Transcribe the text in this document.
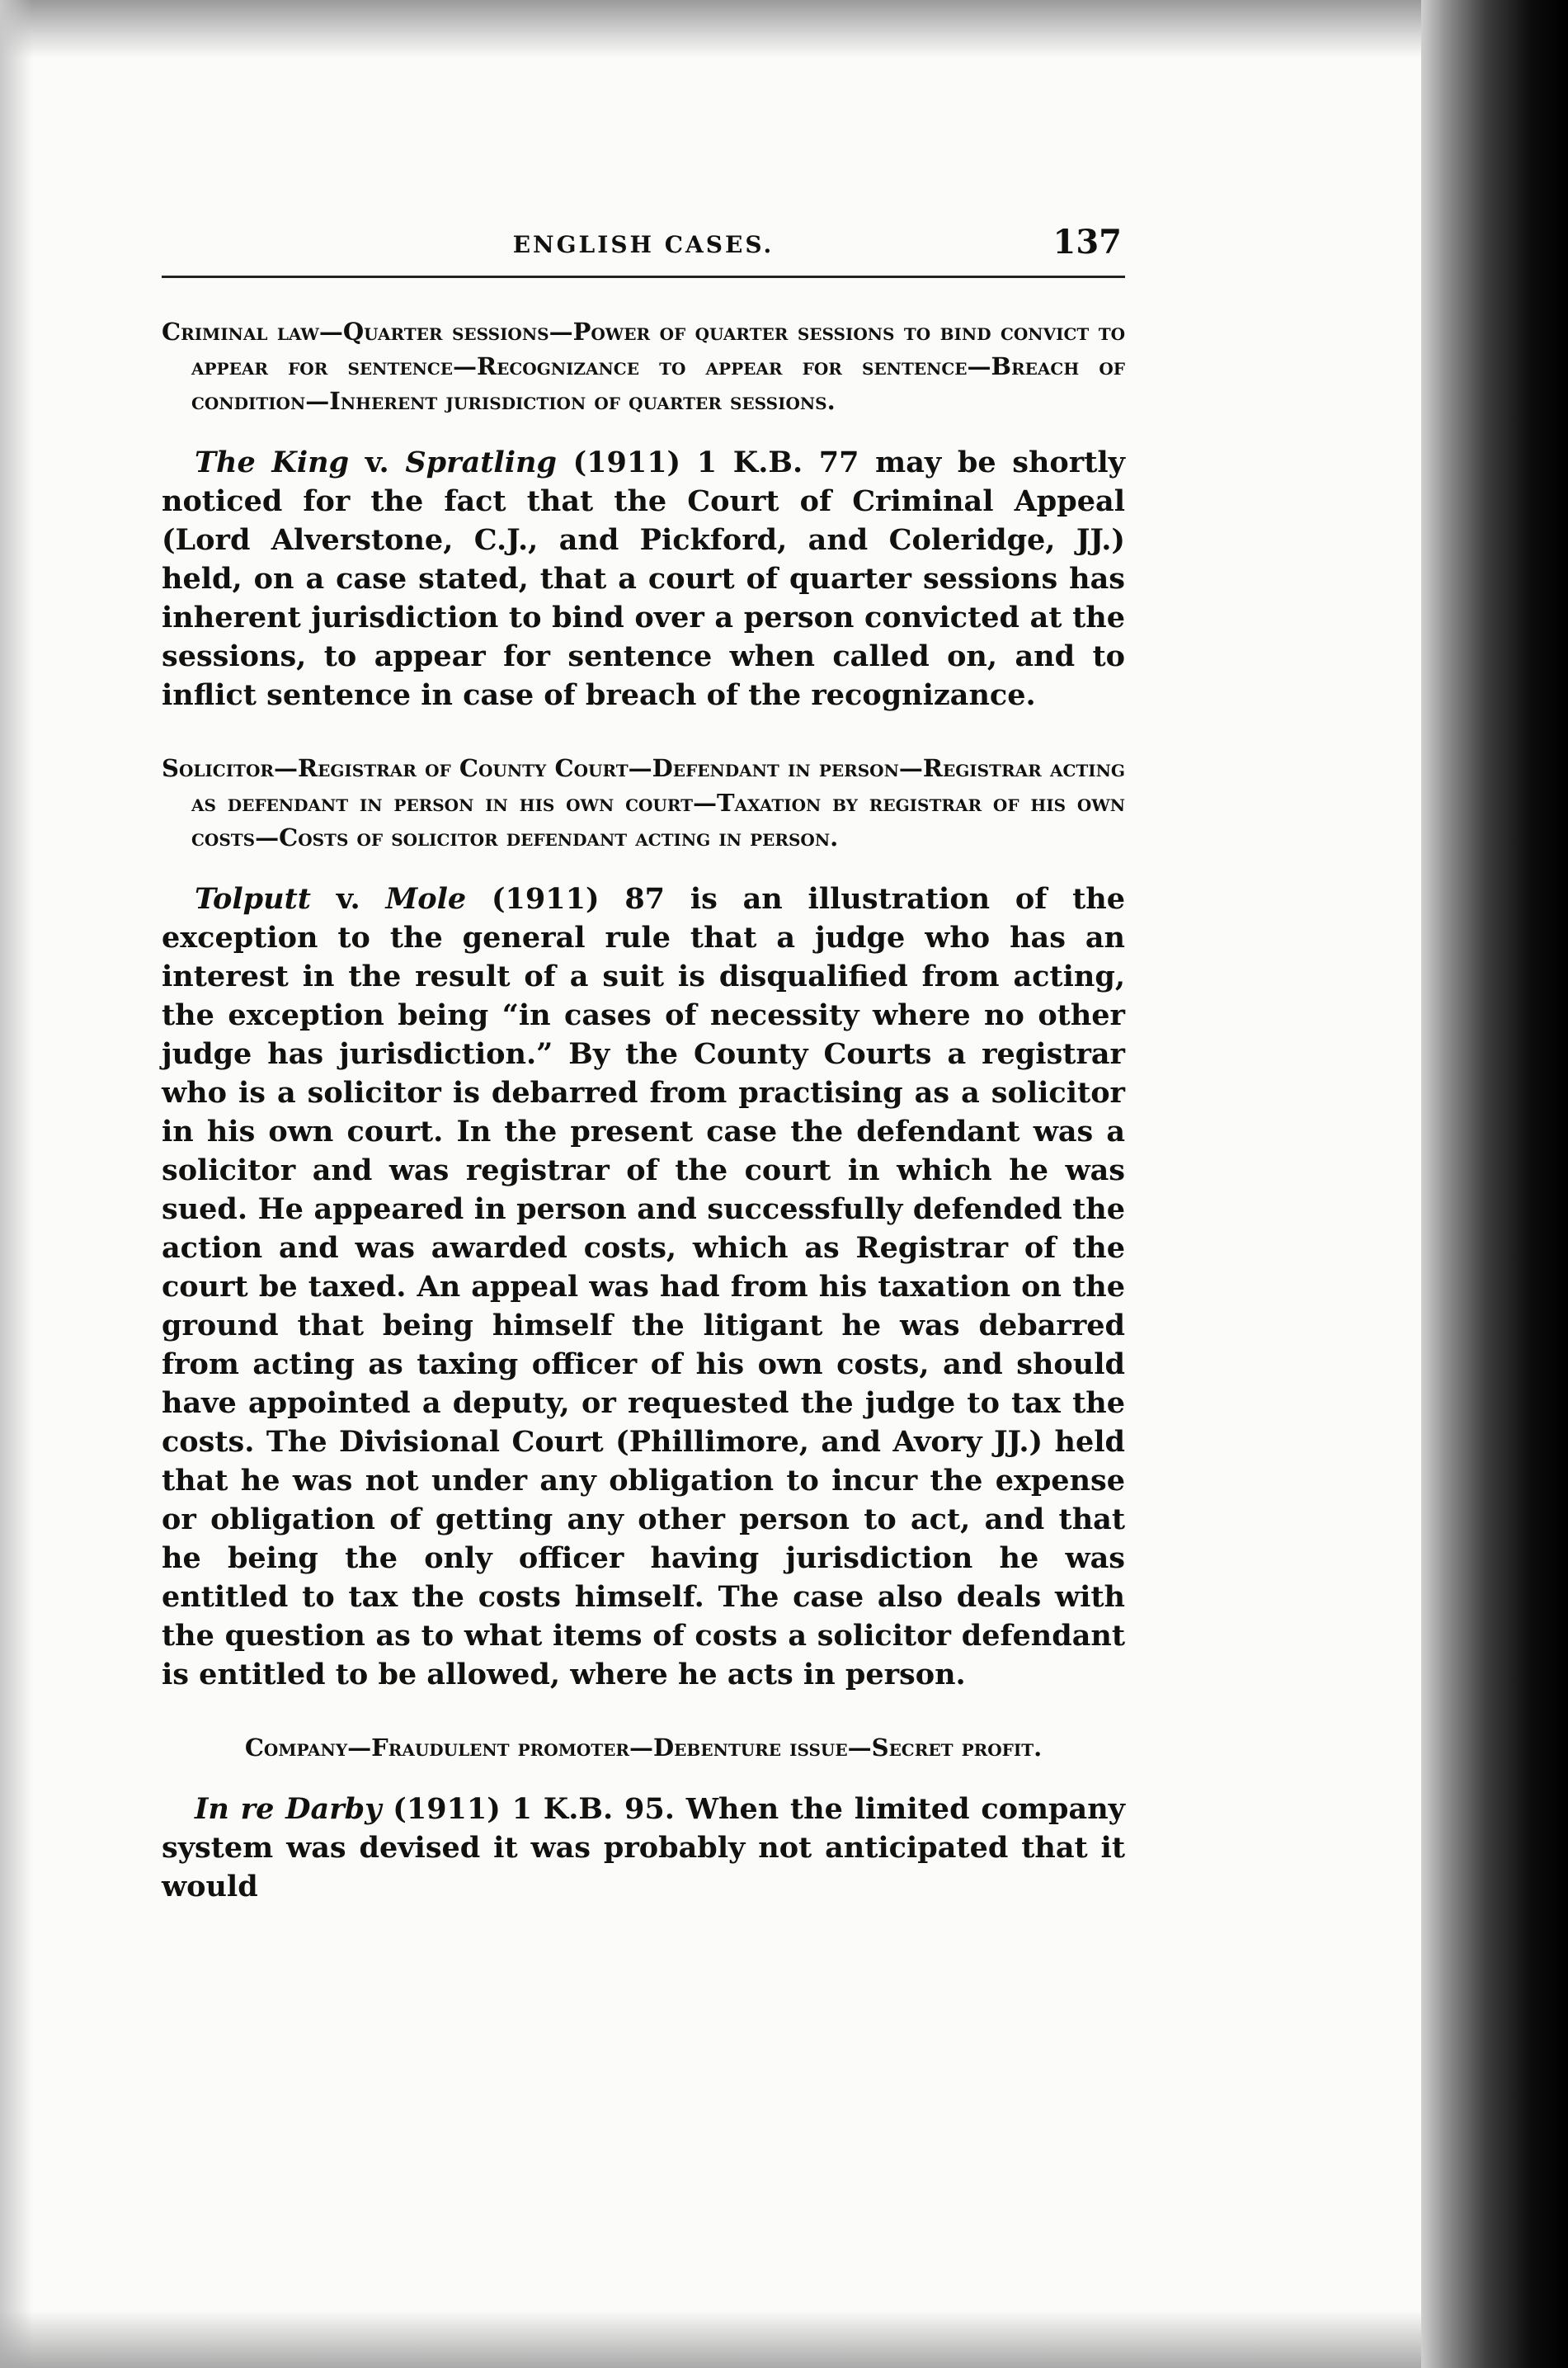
ENGLISH CASES.	137
Criminal law—Quarter sessions—Power of quarter sessions to bind convict to appear for sentence—Recognizance to appear for sentence—Breach of condition—Inherent jurisdiction of quarter sessions.
The King v. Spratling (1911) 1 K.B. 77 may be shortly noticed for the fact that the Court of Criminal Appeal (Lord Alverstone, C.J., and Pickford, and Coleridge, JJ.) held, on a case stated, that a court of quarter sessions has inherent jurisdiction to bind over a person convicted at the sessions, to appear for sentence when called on, and to inflict sentence in case of breach of the recognizance.
Solicitor—Registrar of County Court—Defendant in person—Registrar acting as defendant in person in his own court—Taxation by registrar of his own costs—Costs of solicitor defendant acting in person.
Tolputt v. Mole (1911) 87 is an illustration of the exception to the general rule that a judge who has an interest in the result of a suit is disqualified from acting, the exception being “in cases of necessity where no other judge has jurisdiction.” By the County Courts a registrar who is a solicitor is debarred from practising as a solicitor in his own court. In the present case the defendant was a solicitor and was registrar of the court in which he was sued. He appeared in person and successfully defended the action and was awarded costs, which as Registrar of the court be taxed. An appeal was had from his taxation on the ground that being himself the litigant he was debarred from acting as taxing officer of his own costs, and should have appointed a deputy, or requested the judge to tax the costs. The Divisional Court (Phillimore, and Avory JJ.) held that he was not under any obligation to incur the expense or obligation of getting any other person to act, and that he being the only officer having jurisdiction he was entitled to tax the costs himself. The case also deals with the question as to what items of costs a solicitor defendant is entitled to be allowed, where he acts in person.
Company—Fraudulent promoter—Debenture issue—Secret profit.
In re Darby (1911) 1 K.B. 95. When the limited company system was devised it was probably not anticipated that it would
